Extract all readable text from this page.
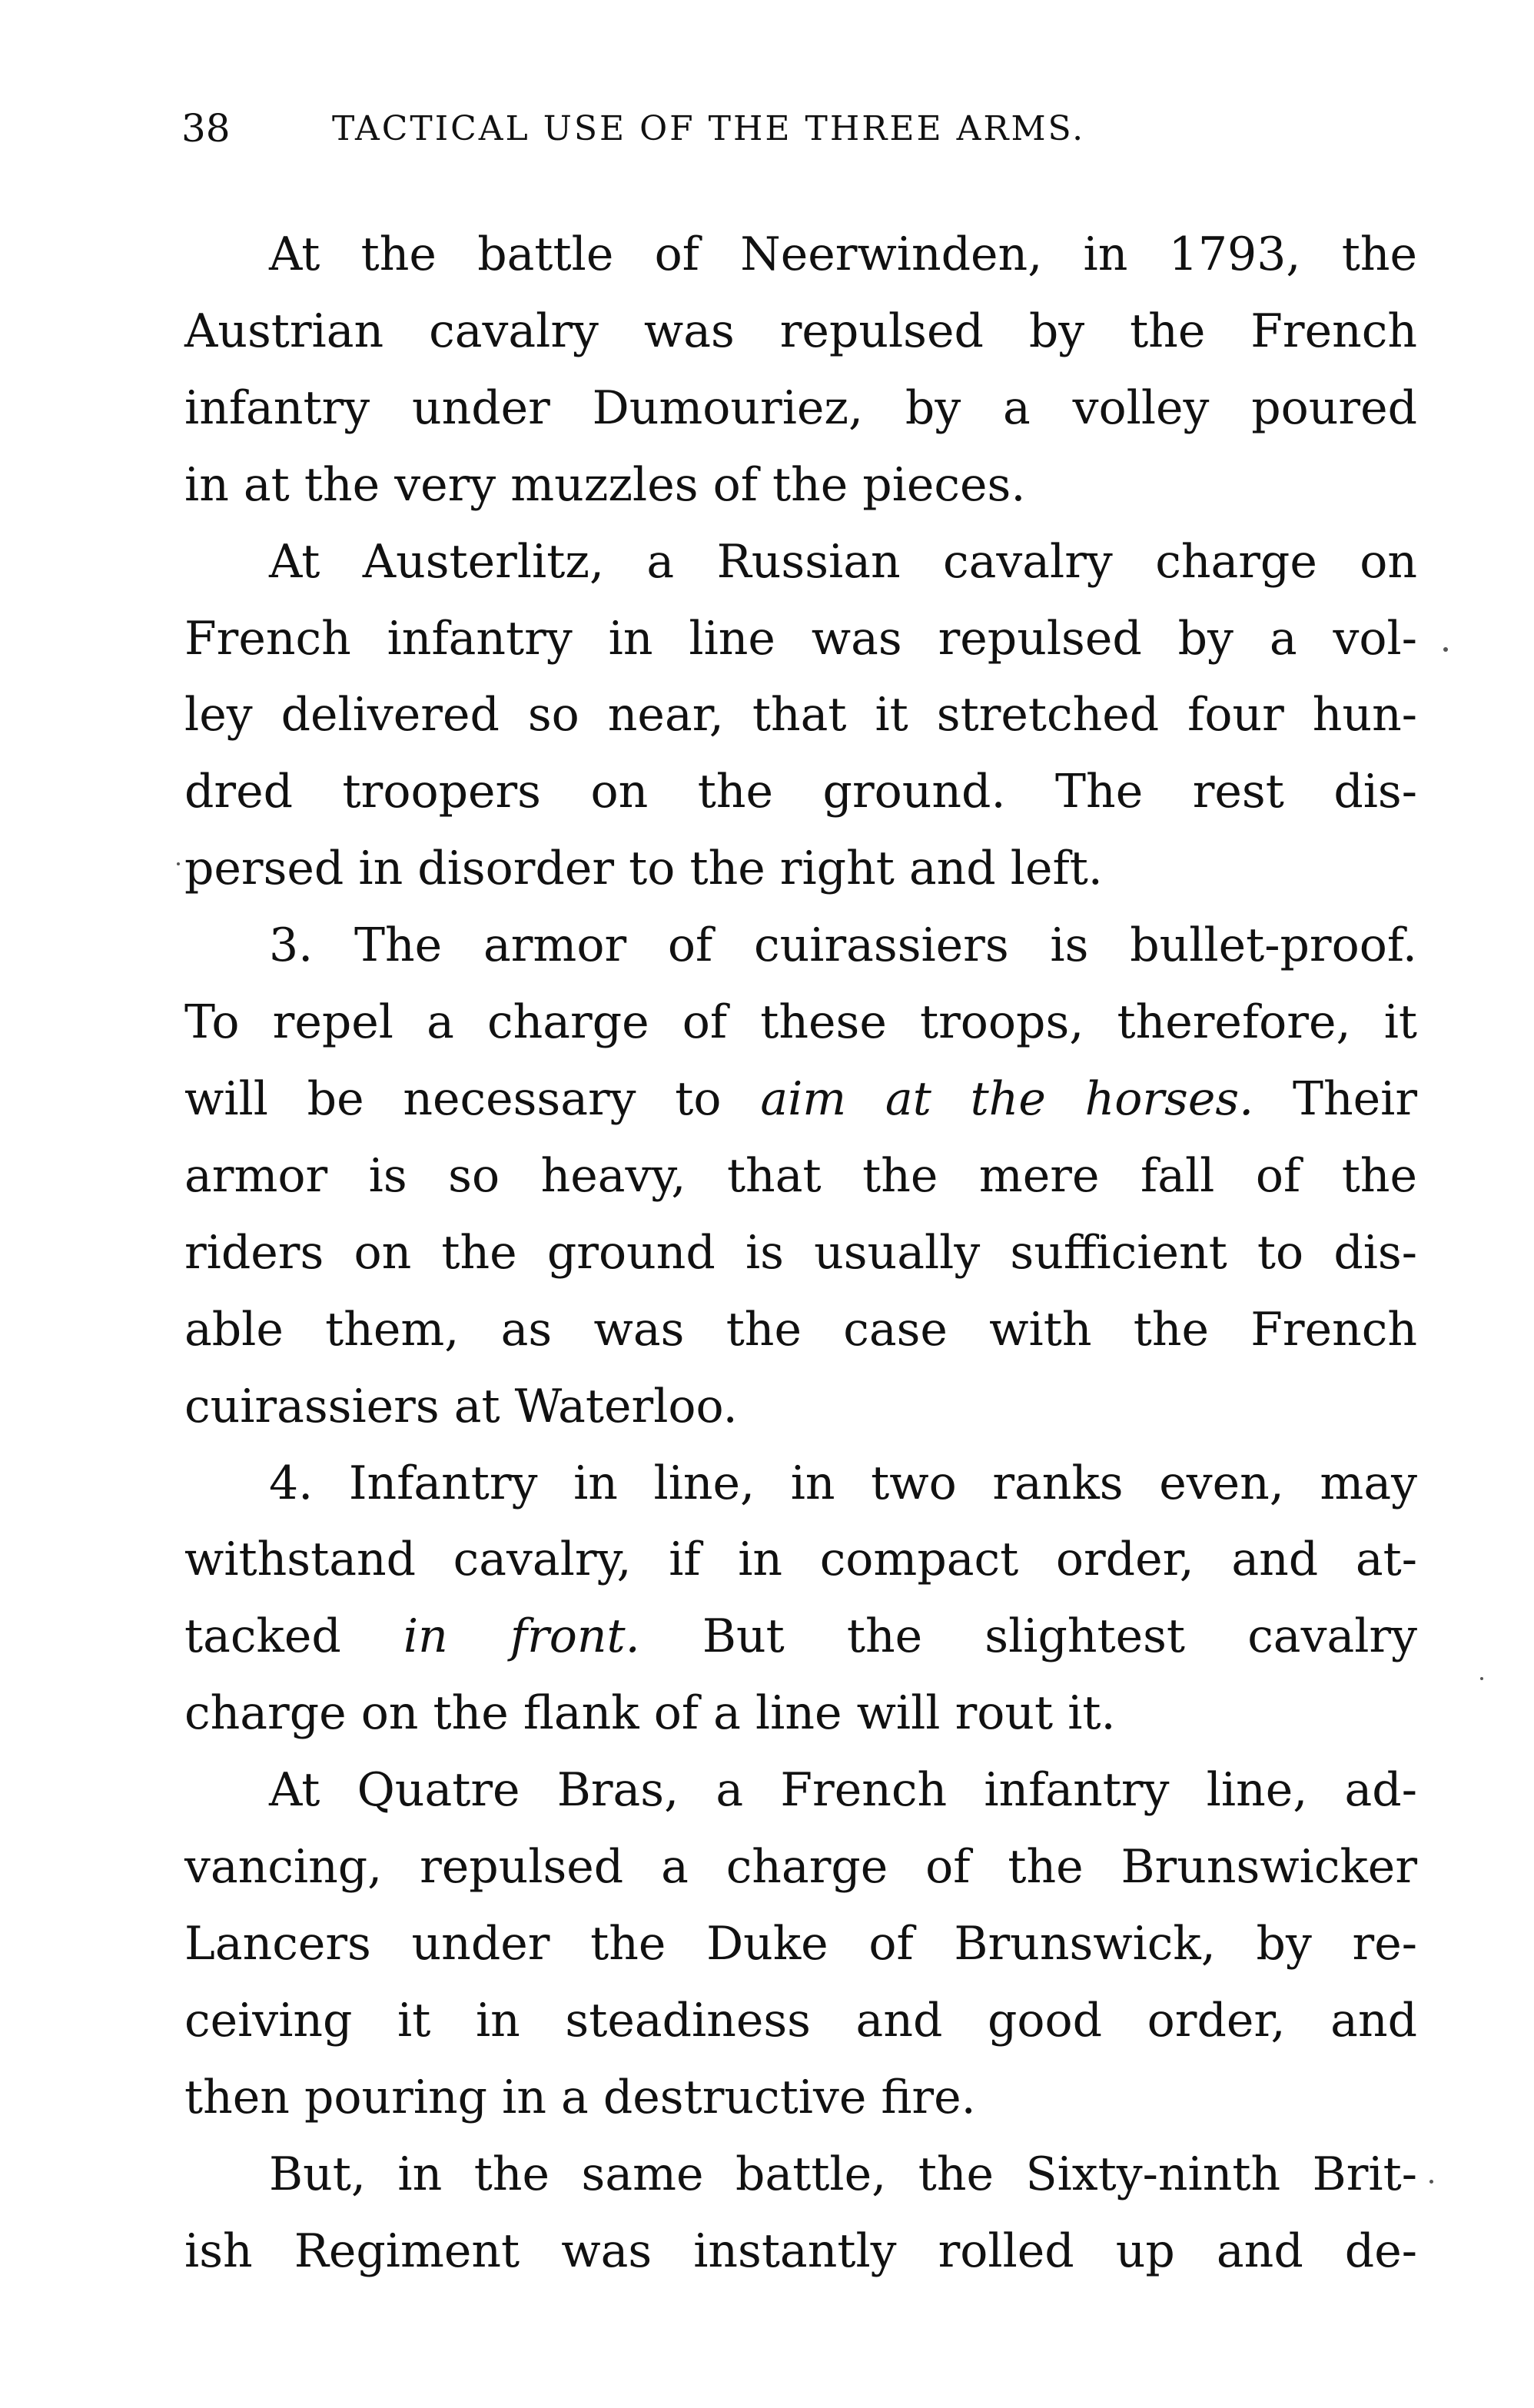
38	TACTICAL USE OF THE THREE ARMS.

At the battle of Neerwinden, in 1793, the
Austrian cavalry was repulsed by the French
infantry under Dumouriez, by a volley poured
in at the very muzzles of the pieces.

At Austerlitz, a Russian cavalry charge on
French infantry in line was repulsed by a vol-
ley delivered so near, that it stretched four hun-
dred troopers on the ground. The rest dis-
persed in disorder to the right and left.

3. The armor of cuirassiers is bullet-proof.
To repel a charge of these troops, therefore, it
will be necessary to aim at the horses. Their
armor is so heavy, that the mere fall of the
riders on the ground is usually sufficient to dis-
able them, as was the case with the French
cuirassiers at Waterloo.

4. Infantry in line, in two ranks even, may
withstand cavalry, if in compact order, and at-
tacked in front. But the slightest cavalry
charge on the flank of a line will rout it.

At Quatre Bras, a French infantry line, ad-
vancing, repulsed a charge of the Brunswicker
Lancers under the Duke of Brunswick, by re-
ceiving it in steadiness and good order, and
then pouring in a destructive fire.

But, in the same battle, the Sixty-ninth Brit-
ish Regiment was instantly rolled up and de-
